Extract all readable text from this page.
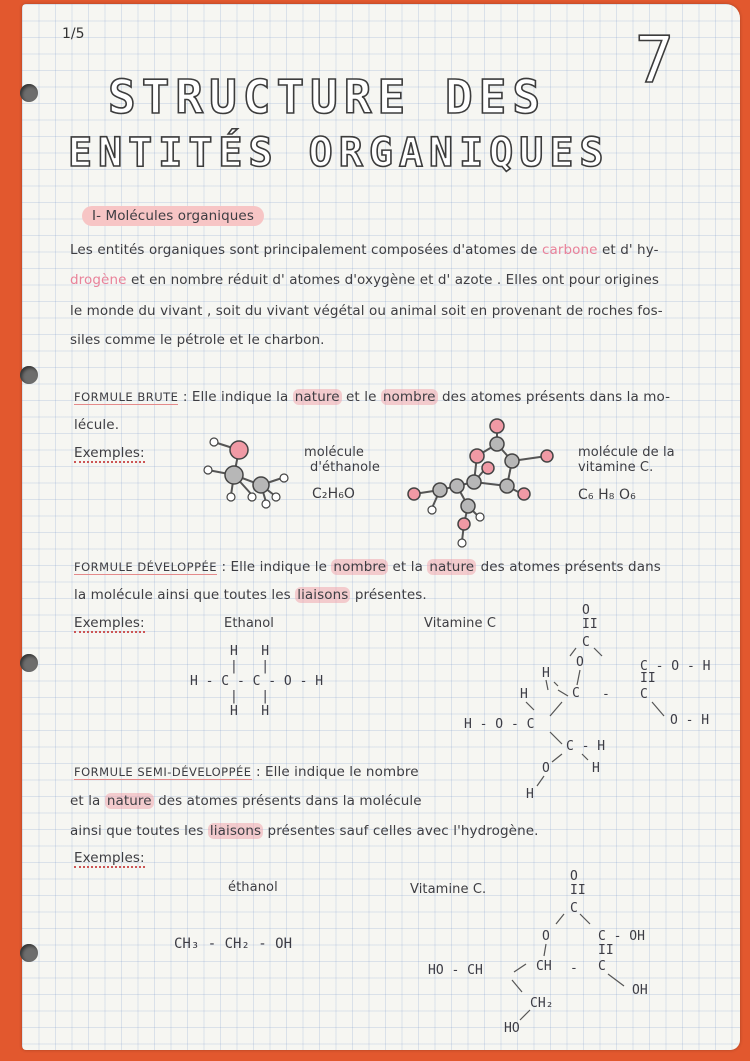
1/5	7
STRUCTURE DES
ENTITÉS ORGANIQUES
I- Molécules organiques
Les entités organiques sont principalement composées d'atomes de carbone et d' hy-
drogène et en nombre réduit d' atomes d'oxygène et d' azote . Elles ont pour origines
le monde du vivant , soit du vivant végétal ou animal soit en provenant de roches fos-
siles comme le pétrole et le charbon.
FORMULE BRUTE : Elle indique la nature et le nombre des atomes présents dans la mo-
lécule.
Exemples:	molécule
d'éthanole
C₂H₆O
molécule de la
vitamine C.
C₆ H₈ O₆
FORMULE DÉVELOPPÉE : Elle indique le nombre et la nature des atomes présents dans
la molécule ainsi que toutes les liaisons présentes.
Exemples:	Ethanol	Vitamine C
H   H
|   |
H - C - C - O - H
|   |
H   H
O
II
C
O
H	C - O - H
H	C -
II
C
O - H
H - O - C
C - H
O	H
H
FORMULE SEMI-DÉVELOPPÉE : Elle indique le nombre
et la nature des atomes présents dans la molécule
ainsi que toutes les liaisons présentes sauf celles avec l'hydrogène.
Exemples:
éthanol	Vitamine C.
CH₃ - CH₂ - OH
O
II
C
O	C - OH
II
HO - CH	CH - C
OH
CH₂
HO
